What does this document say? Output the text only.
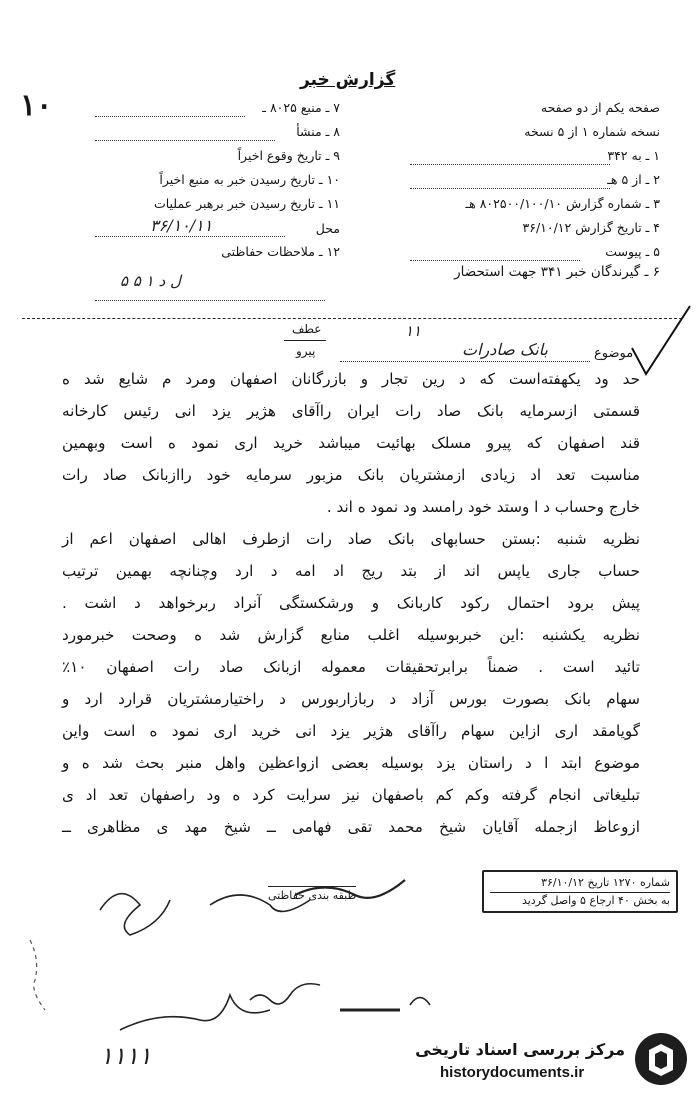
گزارش خبر
۱۰	۷ ـ منبع ۸۰۲۵ ـ
۸ ـ منشأ
۹ ـ تاریخ وقوع اخیراً
۱۰ ـ تاریخ رسیدن خبر به منبع اخیراً
۱۱ ـ تاریخ رسیدن خبر برهبر عملیات
محل
۳۶/۱۰/۱۱
۱۲ ـ ملاحظات حفاظتی
۵ ل د ۱ ۵
صفحه یکم از دو صفحه
نسخه شماره ۱ از ۵ نسخه
۱ ـ به ۳۴۲
۲ ـ از ۵ هـ
۳ ـ شماره گزارش ۸۰۲۵۰۰/۱۰۰/۱۰ هـ
۴ ـ تاریخ گزارش ۳۶/۱۰/۱۲
۵ ـ پیوست
۶ ـ گیرندگان خبر ۳۴۱ جهت استحضار
عطف
پیرو	موضوع
بانک صادرات
۱۱
حد ود یکهفته‌است که د رین تجار و بازرگانان اصفهان ومرد م شایع شد ه
قسمتی ازسرمایه بانک صاد رات ایران راآقای هژیر یزد انی رئیس کارخانه
قند اصفهان که پیرو مسلک بهائیت میباشد خرید اری نمود ه است وبهمین
مناسبت تعد اد زیادی ازمشتریان بانک مزبور سرمایه خود راازبانک صاد رات
خارج وحساب د ا وستد خود رامسد ود نمود ه اند .
نظریه شنبه :بستن حسابهای بانک صاد رات ازطرف اهالی اصفهان اعم از
حساب جاری یاپس اند از بتد ریج اد امه د ارد وچنانچه بهمین ترتیب
پیش برود احتمال رکود کاربانک و ورشکستگی آنراد ربرخواهد د اشت .
نظریه یکشنبه :این خبربوسیله اغلب منابع گزارش شد ه وصحت خبرمورد
تائید است . ضمناً برابرتحقیقات معموله ازبانک صاد رات اصفهان ۱۰٪
سهام بانک بصورت بورس آزاد د ربازاربورس د راختیارمشتریان قرارد ارد و
گویامقد اری ازاین سهام راآقای هژیر یزد انی خرید اری نمود ه است واین
موضوع ابتد ا د راستان یزد بوسیله بعضی ازواعظین واهل منبر بحث شد ه و
تبلیغاتی انجام گرفته وکم کم باصفهان نیز سرایت کرد ه ود راصفهان تعد اد ی
ازوعاظ ازجمله آقایان شیخ محمد تقی فهامی ــ شیخ مهد ی مظاهری ــ
طبقه بندی حفاظتی
شماره ۱۲۷۰ تاریخ ۳۶/۱۰/۱۲
به بخش ۴۰ ارجاع ۵ واصل گردید
۱۱۱۱	مرکز بررسی اسناد تاریخی
historydocuments.ir
